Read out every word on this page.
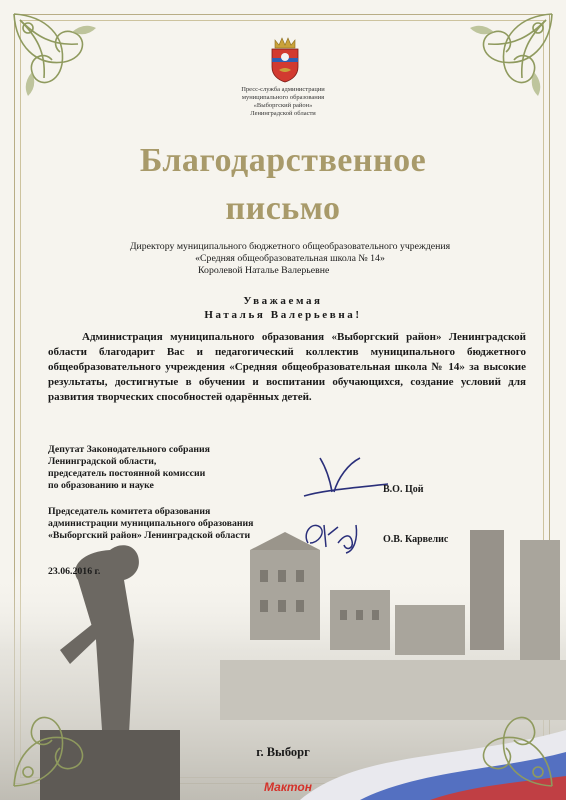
Пресс-служба администрации
муниципального образования
«Выборгский район»
Ленинградской области
Благодарственное
письмо
Директору муниципального бюджетного общеобразовательного учреждения
«Средняя общеобразовательная школа № 14»
Королевой Наталье Валерьевне
Уважаемая
Наталья Валерьевна!
Администрация муниципального образования «Выборгский район» Ленинградской области благодарит Вас и педагогический коллектив муниципального бюджетного общеобразовательного учреждения «Средняя общеобразовательная школа № 14» за высокие результаты, достигнутые в обучении и воспитании обучающихся, создание условий для развития творческих способностей одарённых детей.
Депутат Законодательного собрания
Ленинградской области,
председатель постоянной комиссии
по образованию и науке	В.О. Цой
Председатель комитета образования
администрации муниципального образования
«Выборгский район» Ленинградской области	О.В. Карвелис
23.06.2016 г.
г. Выборг
Мактон
